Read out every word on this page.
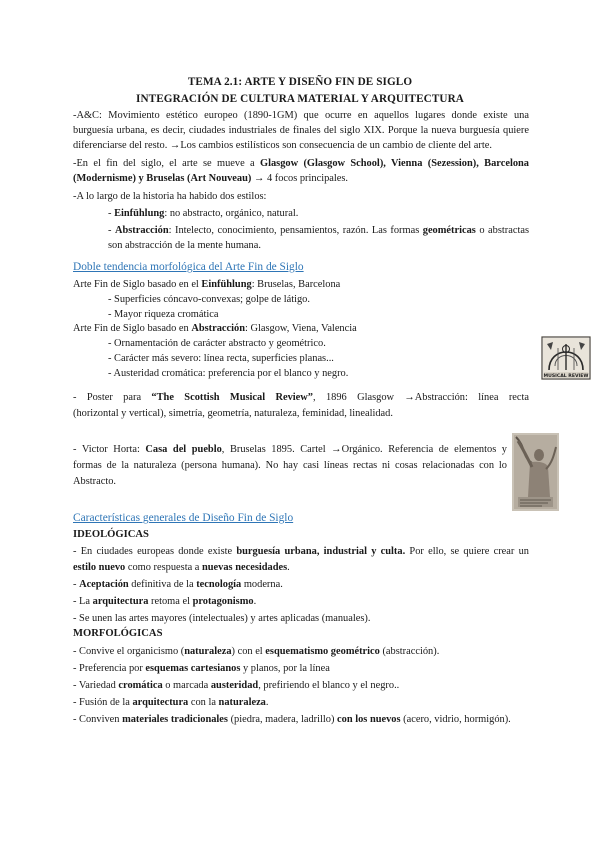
TEMA 2.1: ARTE Y DISEÑO FIN DE SIGLO
INTEGRACIÓN DE CULTURA MATERIAL Y ARQUITECTURA
-A&C: Movimiento estético europeo (1890-1GM) que ocurre en aquellos lugares donde existe una
burguesía urbana, es decir, ciudades industriales de finales del siglo XIX. Porque la nueva burguesía quiere
diferenciarse del resto. →Los cambios estilísticos son consecuencia de un cambio de cliente del arte.
-En el fin del siglo, el arte se mueve a Glasgow (Glasgow School), Vienna (Sezession), Barcelona
(Modernisme) y Bruselas (Art Nouveau) → 4 focos principales.
-A lo largo de la historia ha habido dos estilos:
- Einfühlung: no abstracto, orgánico, natural.
- Abstracción: Intelecto, conocimiento, pensamientos, razón. Las formas geométricas o abstractas
son abstracción de la mente humana.
Doble tendencia morfológica del Arte Fin de Siglo
Arte Fin de Siglo basado en el Einfühlung: Bruselas, Barcelona
- Superficies cóncavo-convexas; golpe de látigo.
- Mayor riqueza cromática
Arte Fin de Siglo basado en Abstracción: Glasgow, Viena, Valencia
- Ornamentación de carácter abstracto y geométrico.
- Carácter más severo: línea recta, superficies planas...
- Austeridad cromática: preferencia por el blanco y negro.
- Poster para “The Scottish Musical Review”, 1896 Glasgow →Abstracción: línea recta
(horizontal y vertical), simetría, geometría, naturaleza, feminidad, linealidad.
- Victor Horta: Casa del pueblo, Bruselas 1895. Cartel →Orgánico. Referencia de elementos y
formas de la naturaleza (persona humana). No hay casi líneas rectas ni cosas relacionadas con lo
Abstracto.
MUSICAL REVIEW
Características generales de Diseño Fin de Siglo
IDEOLÓGICAS
- En ciudades europeas donde existe burguesía urbana, industrial y culta. Por ello, se quiere crear un
estilo nuevo como respuesta a nuevas necesidades.
- Aceptación definitiva de la tecnología moderna.
- La arquitectura retoma el protagonismo.
- Se unen las artes mayores (intelectuales) y artes aplicadas (manuales).
MORFOLÓGICAS
- Convive el organicismo (naturaleza) con el esquematismo geométrico (abstracción).
- Preferencia por esquemas cartesianos y planos, por la línea
- Variedad cromática o marcada austeridad, prefiriendo el blanco y el negro..
- Fusión de la arquitectura con la naturaleza.
- Conviven materiales tradicionales (piedra, madera, ladrillo) con los nuevos (acero, vidrio, hormigón).
